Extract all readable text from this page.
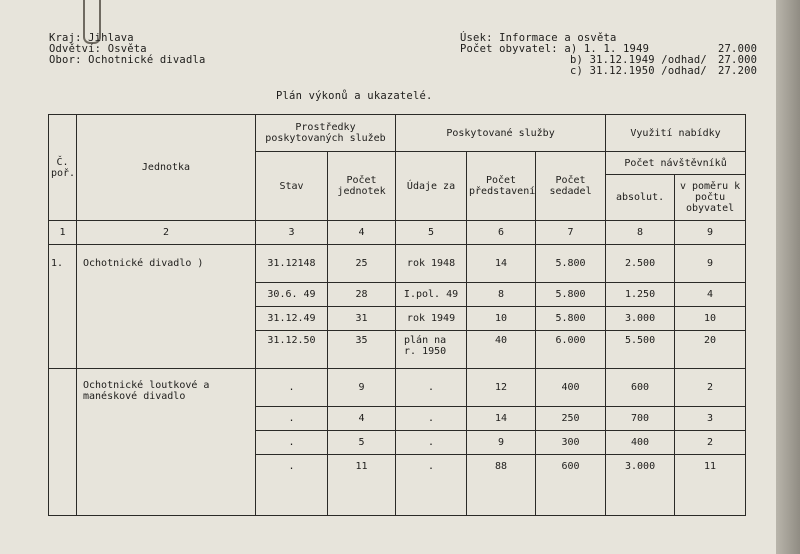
Kraj: Jihlava
Odvětví: Osvěta
Obor: Ochotnické divadla
Úsek: Informace a osvěta
Počet obyvatel: a) 1. 1. 1949	27.000
b) 31.12.1949 /odhad/ 27.000
c) 31.12.1950 /odhad/ 27.200
Plán výkonů a ukazatelé.
Č. poř.	Jednotka	Prostředky poskytovaných služeb		Poskytované služby			Využití nabídky	
		Stav	Počet jednotek	Údaje za	Počet představení	Počet sedadel	Počet návštěvníků	
							absolut.	v poměru k počtu obyvatel
1	2	3	4	5	6	7	8	9
1.	Ochotnické divadlo )	31.12148	25	rok 1948	14	5.800	2.500	9
		30.6. 49	28	I.pol. 49	8	5.800	1.250	4
		31.12.49	31	rok 1949	10	5.800	3.000	10
		31.12.50	35	plán na r. 1950	40	6.000	5.500	20
	Ochotnické loutkové a manéskové divadlo	.	9	.	12	400	600	2
		.	4	.	14	250	700	3
		.	5	.	9	300	400	2
		.	11	.	88	600	3.000	11
